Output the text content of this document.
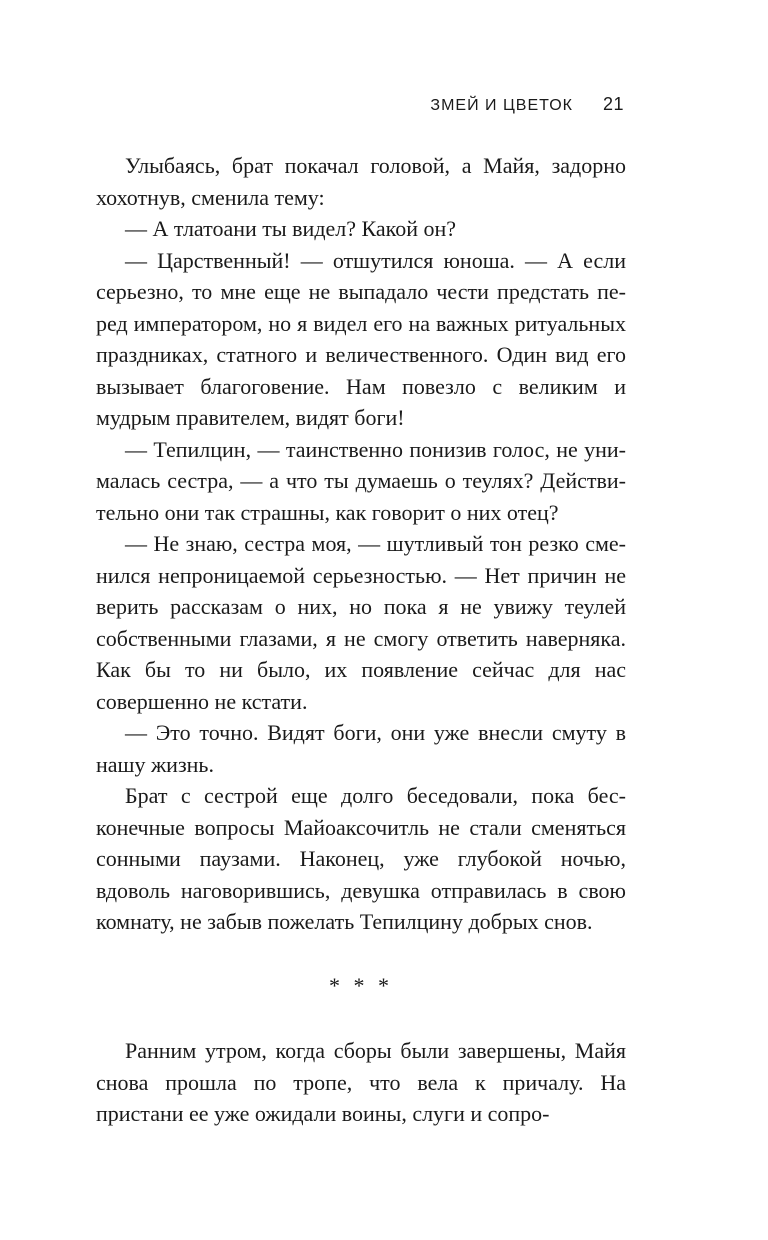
ЗМЕЙ И ЦВЕТОК 21

Улыбаясь, брат покачал головой, а Майя, задорно хохотнув, сменила тему:

— А тлатоани ты видел? Какой он?

— Царственный! — отшутился юноша. — А если серьезно, то мне еще не выпадало чести предстать перед императором, но я видел его на важных ритуальных праздниках, статного и величественного. Один вид его вызывает благоговение. Нам повезло с великим и мудрым правителем, видят боги!

— Тепилцин, — таинственно понизив голос, не унималась сестра, — а что ты думаешь о теулях? Действительно они так страшны, как говорит о них отец?

— Не знаю, сестра моя, — шутливый тон резко сменился непроницаемой серьезностью. — Нет причин не верить рассказам о них, но пока я не увижу теулей собственными глазами, я не смогу ответить наверняка. Как бы то ни было, их появление сейчас для нас совершенно не кстати.

— Это точно. Видят боги, они уже внесли смуту в нашу жизнь.

Брат с сестрой еще долго беседовали, пока бесконечные вопросы Майоаксочитль не стали сменяться сонными паузами. Наконец, уже глубокой ночью, вдоволь наговорившись, девушка отправилась в свою комнату, не забыв пожелать Тепилцину добрых снов.

* * *

Ранним утром, когда сборы были завершены, Майя снова прошла по тропе, что вела к причалу. На пристани ее уже ожидали воины, слуги и сопро-
